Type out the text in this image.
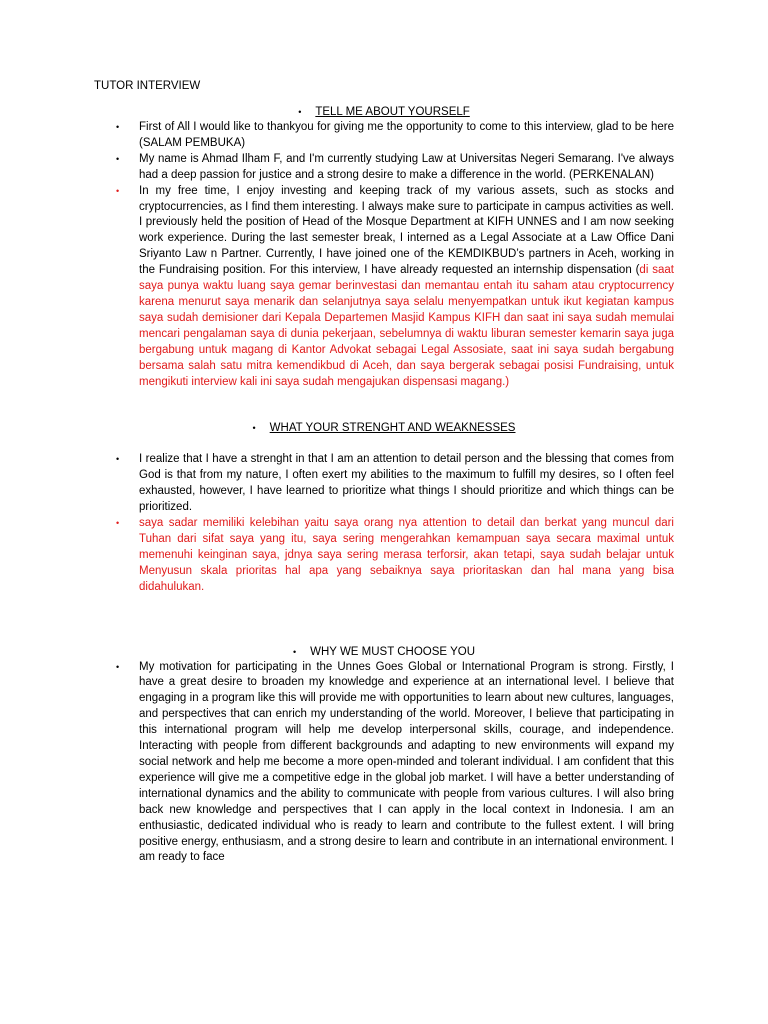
TUTOR INTERVIEW
• TELL ME ABOUT YOURSELF
• First of All I would like to thankyou for giving me the opportunity to come to this interview, glad to be here (SALAM PEMBUKA)
• My name is Ahmad Ilham F, and I'm currently studying Law at Universitas Negeri Semarang. I've always had a deep passion for justice and a strong desire to make a difference in the world. (PERKENALAN)
• In my free time, I enjoy investing and keeping track of my various assets, such as stocks and cryptocurrencies, as I find them interesting. I always make sure to participate in campus activities as well. I previously held the position of Head of the Mosque Department at KIFH UNNES and I am now seeking work experience. During the last semester break, I interned as a Legal Associate at a Law Office Dani Sriyanto Law n Partner. Currently, I have joined one of the KEMDIKBUD’s partners in Aceh, working in the Fundraising position. For this interview, I have already requested an internship dispensation (di saat saya punya waktu luang saya gemar berinvestasi dan memantau entah itu saham atau cryptocurrency karena menurut saya menarik dan selanjutnya saya selalu menyempatkan untuk ikut kegiatan kampus saya sudah demisioner dari Kepala Departemen Masjid Kampus KIFH dan saat ini saya sudah memulai mencari pengalaman saya di dunia pekerjaan, sebelumnya di waktu liburan semester kemarin saya juga bergabung untuk magang di Kantor Advokat sebagai Legal Assosiate, saat ini saya sudah bergabung bersama salah satu mitra kemendikbud di Aceh, dan saya bergerak sebagai posisi Fundraising, untuk mengikuti interview kali ini saya sudah mengajukan dispensasi magang.)
• WHAT YOUR STRENGHT AND WEAKNESSES
• I realize that I have a strenght in that I am an attention to detail person and the blessing that comes from God is that from my nature, I often exert my abilities to the maximum to fulfill my desires, so I often feel exhausted, however, I have learned to prioritize what things I should prioritize and which things can be prioritized.
• saya sadar memiliki kelebihan yaitu saya orang nya attention to detail dan berkat yang muncul dari Tuhan dari sifat saya yang itu, saya sering mengerahkan kemampuan saya secara maximal untuk memenuhi keinginan saya, jdnya saya sering merasa terforsir, akan tetapi, saya sudah belajar untuk Menyusun skala prioritas hal apa yang sebaiknya saya prioritaskan dan hal mana yang bisa didahulukan.
• WHY WE MUST CHOOSE YOU
• My motivation for participating in the Unnes Goes Global or International Program is strong. Firstly, I have a great desire to broaden my knowledge and experience at an international level. I believe that engaging in a program like this will provide me with opportunities to learn about new cultures, languages, and perspectives that can enrich my understanding of the world. Moreover, I believe that participating in this international program will help me develop interpersonal skills, courage, and independence. Interacting with people from different backgrounds and adapting to new environments will expand my social network and help me become a more open-minded and tolerant individual. I am confident that this experience will give me a competitive edge in the global job market. I will have a better understanding of international dynamics and the ability to communicate with people from various cultures. I will also bring back new knowledge and perspectives that I can apply in the local context in Indonesia. I am an enthusiastic, dedicated individual who is ready to learn and contribute to the fullest extent. I will bring positive energy, enthusiasm, and a strong desire to learn and contribute in an international environment. I am ready to face
